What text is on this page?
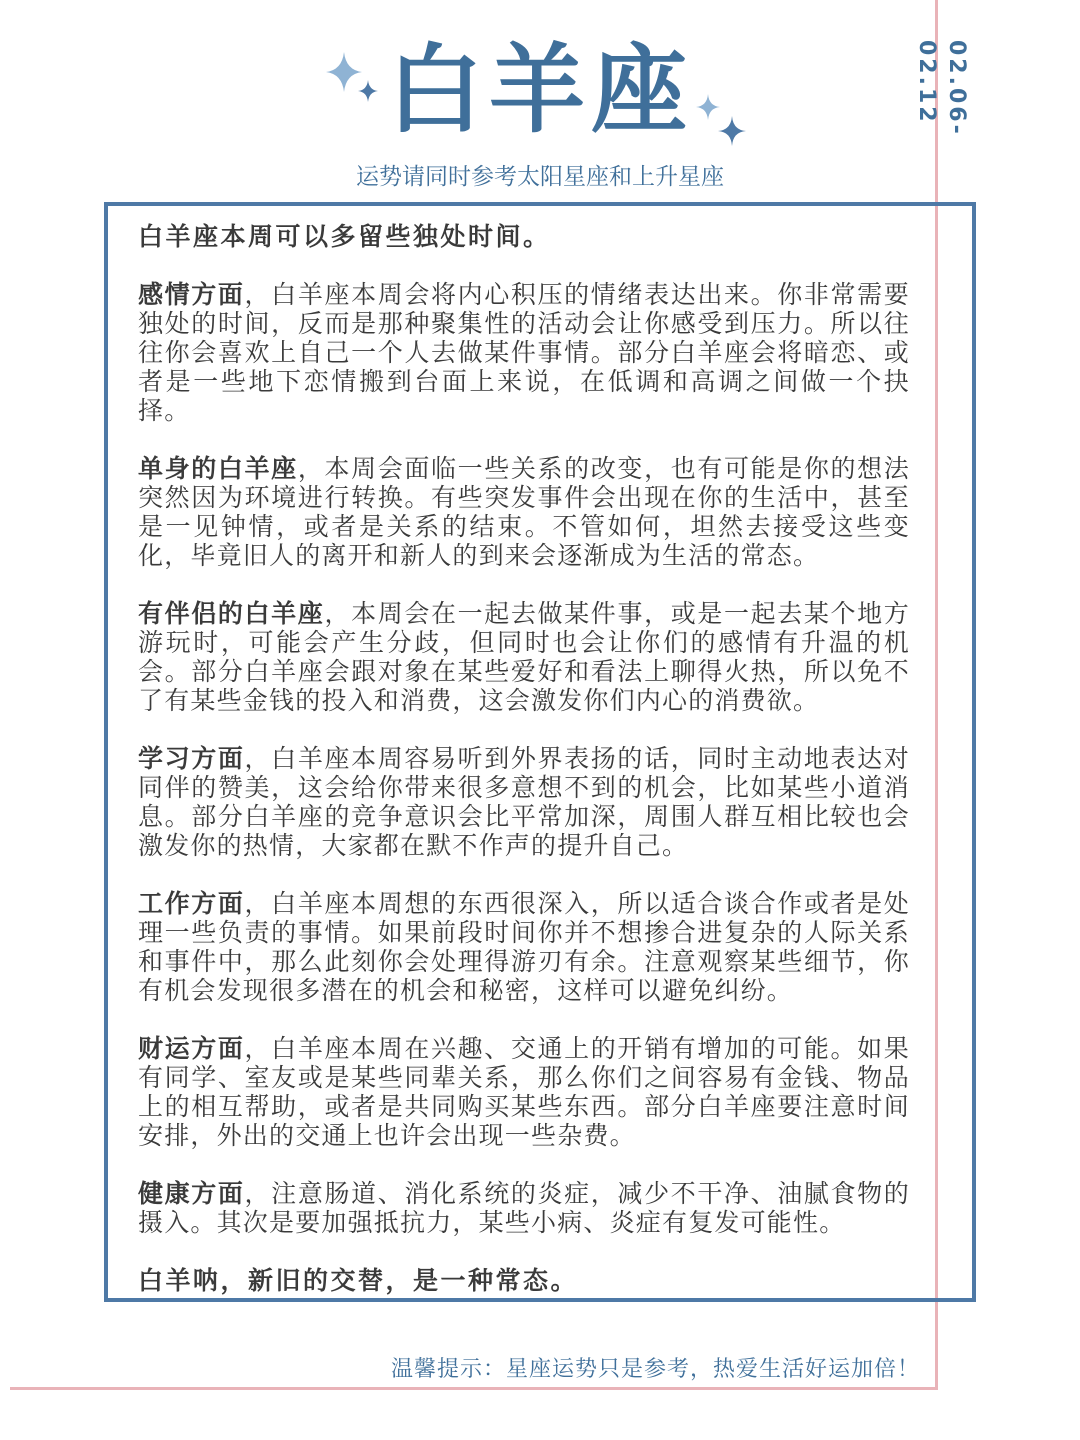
02.06-02.12
白羊座
运势请同时参考太阳星座和上升星座

白羊座本周可以多留些独处时间。

感情方面，白羊座本周会将内心积压的情绪表达出来。你非常需要独处的时间，反而是那种聚集性的活动会让你感受到压力。所以往往你会喜欢上自己一个人去做某件事情。部分白羊座会将暗恋、或者是一些地下恋情搬到台面上来说，在低调和高调之间做一个抉择。

单身的白羊座，本周会面临一些关系的改变，也有可能是你的想法突然因为环境进行转换。有些突发事件会出现在你的生活中，甚至是一见钟情，或者是关系的结束。不管如何，坦然去接受这些变化，毕竟旧人的离开和新人的到来会逐渐成为生活的常态。

有伴侣的白羊座，本周会在一起去做某件事，或是一起去某个地方游玩时，可能会产生分歧，但同时也会让你们的感情有升温的机会。部分白羊座会跟对象在某些爱好和看法上聊得火热，所以免不了有某些金钱的投入和消费，这会激发你们内心的消费欲。

学习方面，白羊座本周容易听到外界表扬的话，同时主动地表达对同伴的赞美，这会给你带来很多意想不到的机会，比如某些小道消息。部分白羊座的竞争意识会比平常加深，周围人群互相比较也会激发你的热情，大家都在默不作声的提升自己。

工作方面，白羊座本周想的东西很深入，所以适合谈合作或者是处理一些负责的事情。如果前段时间你并不想掺合进复杂的人际关系和事件中，那么此刻你会处理得游刃有余。注意观察某些细节，你有机会发现很多潜在的机会和秘密，这样可以避免纠纷。

财运方面，白羊座本周在兴趣、交通上的开销有增加的可能。如果有同学、室友或是某些同辈关系，那么你们之间容易有金钱、物品上的相互帮助，或者是共同购买某些东西。部分白羊座要注意时间安排，外出的交通上也许会出现一些杂费。

健康方面，注意肠道、消化系统的炎症，减少不干净、油腻食物的摄入。其次是要加强抵抗力，某些小病、炎症有复发可能性。

白羊呐，新旧的交替，是一种常态。

温馨提示：星座运势只是参考，热爱生活好运加倍！
